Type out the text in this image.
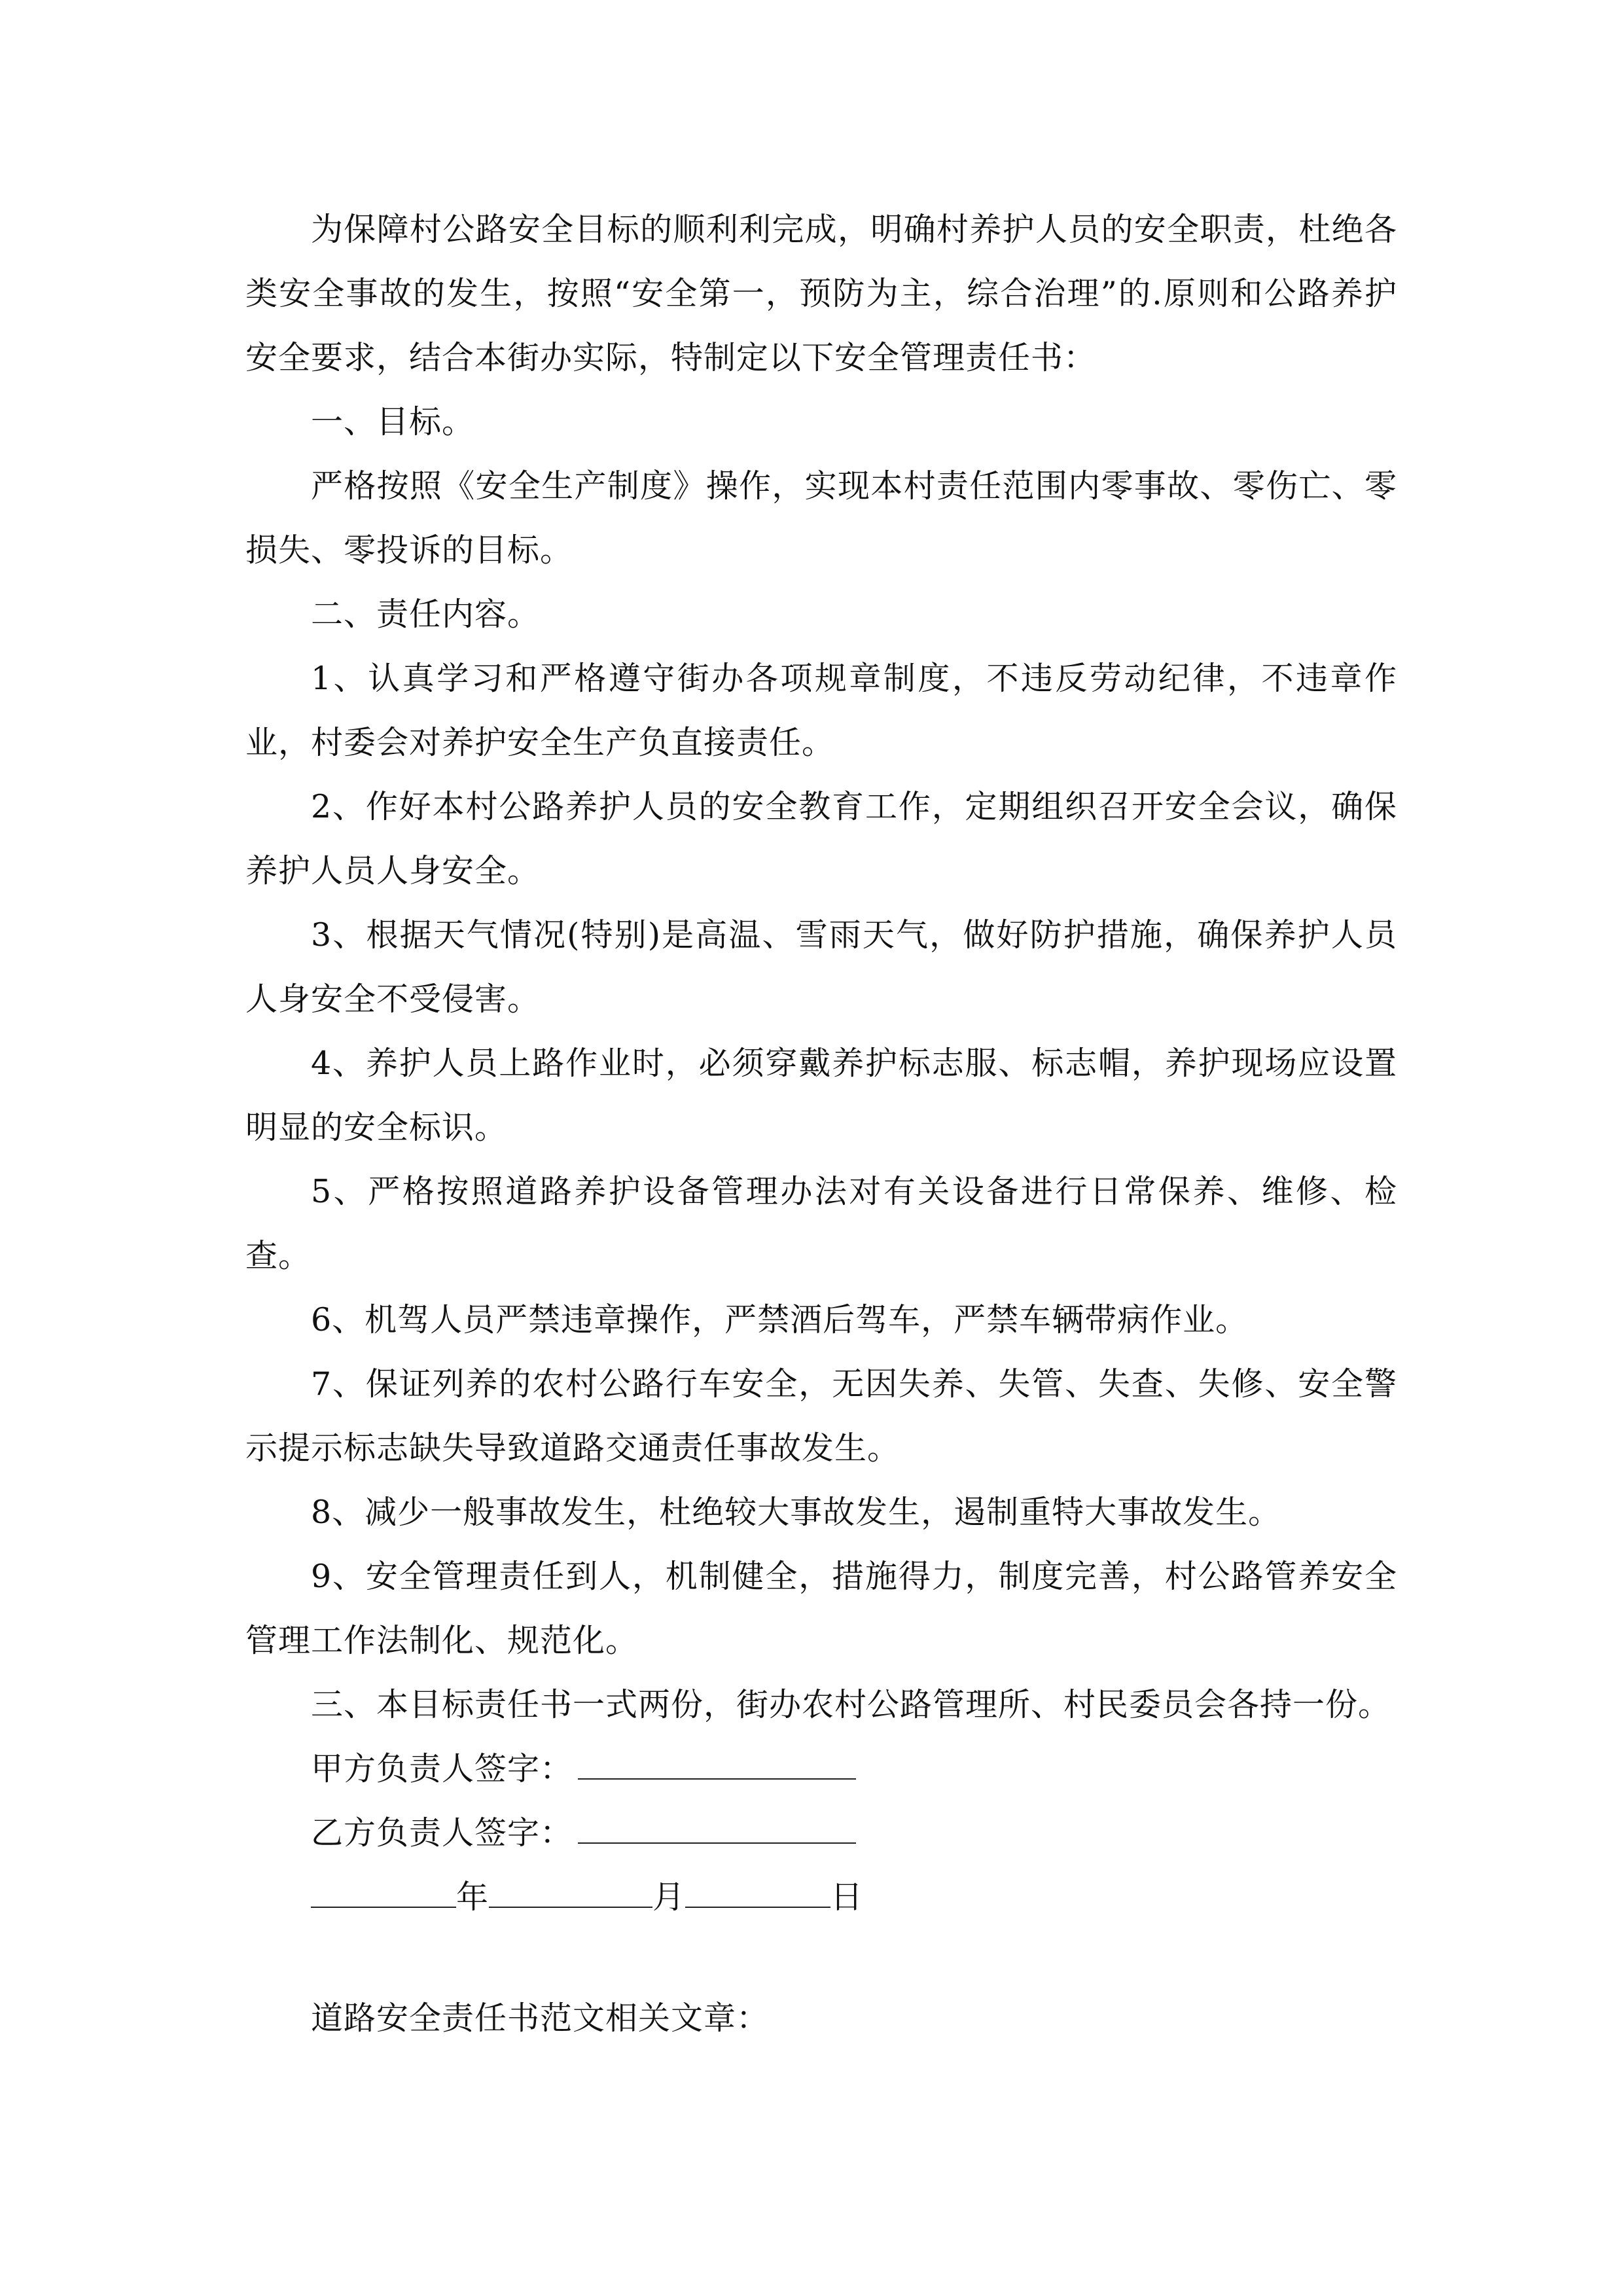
为保障村公路安全目标的顺利利完成，明确村养护人员的安全职责，杜绝各类安全事故的发生，按照“安全第一，预防为主，综合治理”的.原则和公路养护安全要求，结合本街办实际，特制定以下安全管理责任书：

一、目标。

严格按照《安全生产制度》操作，实现本村责任范围内零事故、零伤亡、零损失、零投诉的目标。

二、责任内容。

1、认真学习和严格遵守街办各项规章制度，不违反劳动纪律，不违章作业，村委会对养护安全生产负直接责任。

2、作好本村公路养护人员的安全教育工作，定期组织召开安全会议，确保养护人员人身安全。

3、根据天气情况(特别)是高温、雪雨天气，做好防护措施，确保养护人员人身安全不受侵害。

4、养护人员上路作业时，必须穿戴养护标志服、标志帽，养护现场应设置明显的安全标识。

5、严格按照道路养护设备管理办法对有关设备进行日常保养、维修、检查。

6、机驾人员严禁违章操作，严禁酒后驾车，严禁车辆带病作业。

7、保证列养的农村公路行车安全，无因失养、失管、失查、失修、安全警示提示标志缺失导致道路交通责任事故发生。

8、减少一般事故发生，杜绝较大事故发生，遏制重特大事故发生。

9、安全管理责任到人，机制健全，措施得力，制度完善，村公路管养安全管理工作法制化、规范化。

三、本目标责任书一式两份，街办农村公路管理所、村民委员会各持一份。

甲方负责人签字：
乙方负责人签字：
年	月	日
道路安全责任书范文相关文章：
